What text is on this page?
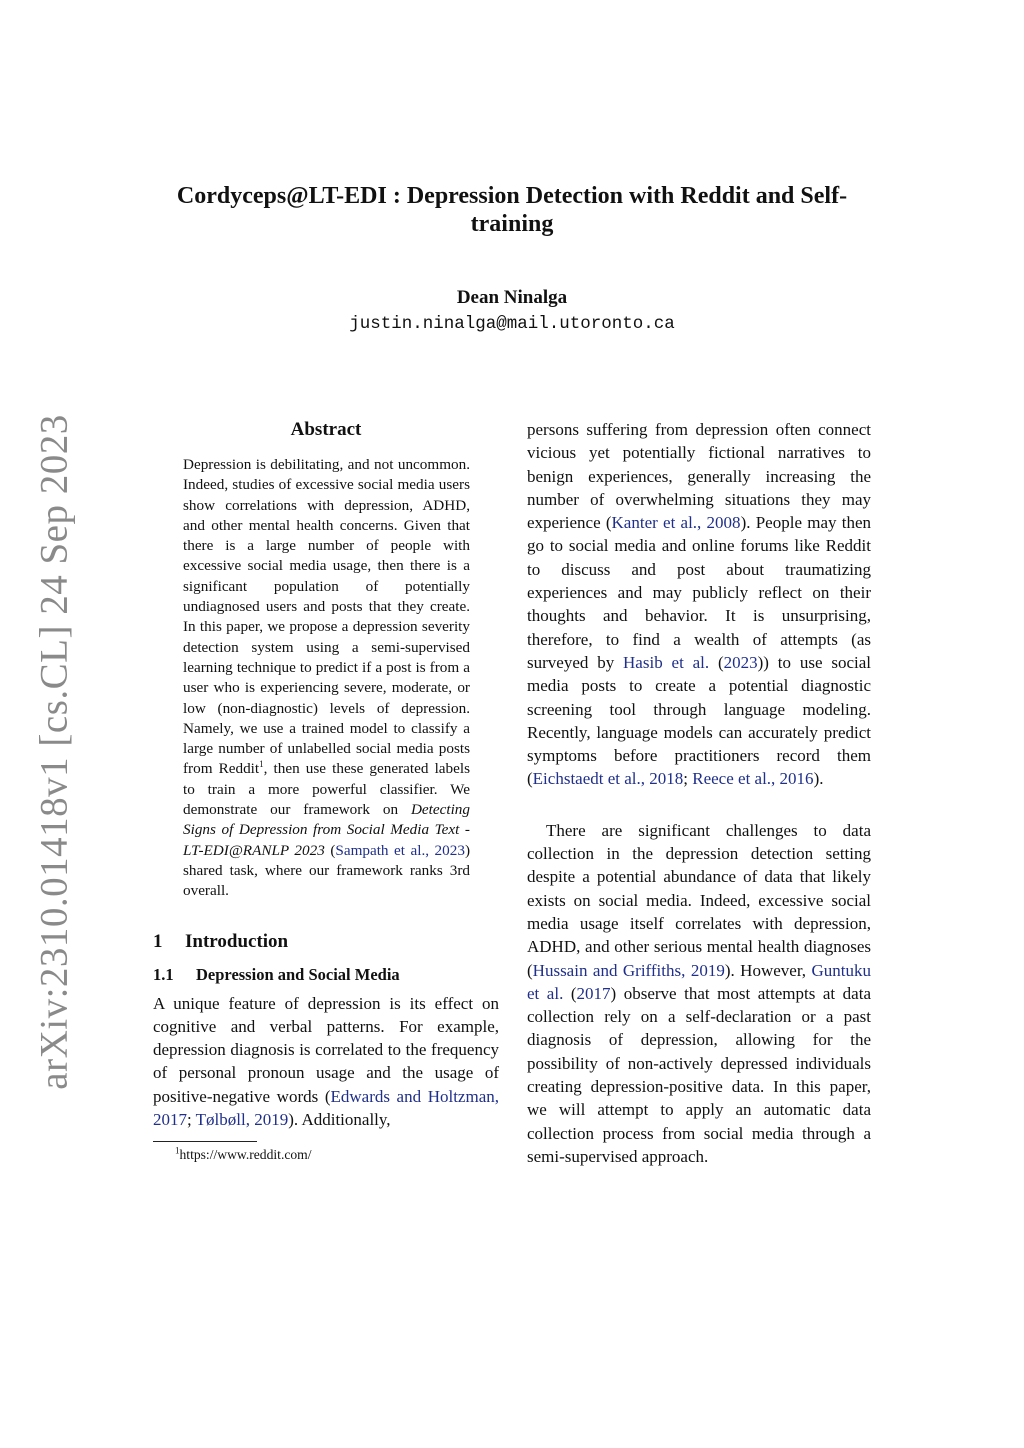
Cordyceps@LT-EDI : Depression Detection with Reddit and Self-training
Dean Ninalga
justin.ninalga@mail.utoronto.ca
arXiv:2310.01418v1 [cs.CL] 24 Sep 2023	Abstract

Depression is debilitating, and not uncommon. Indeed, studies of excessive social media users show correlations with depression, ADHD, and other mental health concerns. Given that there is a large number of people with excessive social media usage, then there is a significant population of potentially undiagnosed users and posts that they create. In this paper, we propose a depression severity detection system using a semi-supervised learning technique to predict if a post is from a user who is experiencing severe, moderate, or low (non-diagnostic) levels of depression. Namely, we use a trained model to classify a large number of unlabelled social media posts from Reddit$^1$, then use these generated labels to train a more powerful classifier. We demonstrate our framework on Detecting Signs of Depression from Social Media Text - LT-EDI@RANLP 2023 (Sampath et al., 2023) shared task, where our framework ranks 3rd overall.

1 Introduction
1.1 Depression and Social Media

A unique feature of depression is its effect on cognitive and verbal patterns. For example, depression diagnosis is correlated to the frequency of personal pronoun usage and the usage of positive-negative words (Edwards and Holtzman, 2017; Tølbøll, 2019). Additionally,

$^1$https://www.reddit.com/

persons suffering from depression often connect vicious yet potentially fictional narratives to benign experiences, generally increasing the number of overwhelming situations they may experience (Kanter et al., 2008). People may then go to social media and online forums like Reddit to discuss and post about traumatizing experiences and may publicly reflect on their thoughts and behavior. It is unsurprising, therefore, to find a wealth of attempts (as surveyed by Hasib et al. (2023)) to use social media posts to create a potential diagnostic screening tool through language modeling. Recently, language models can accurately predict symptoms before practitioners record them (Eichstaedt et al., 2018; Reece et al., 2016).

There are significant challenges to data collection in the depression detection setting despite a potential abundance of data that likely exists on social media. Indeed, excessive social media usage itself correlates with depression, ADHD, and other serious mental health diagnoses (Hussain and Griffiths, 2019). However, Guntuku et al. (2017) observe that most attempts at data collection rely on a self-declaration or a past diagnosis of depression, allowing for the possibility of non-actively depressed individuals creating depression-positive data. In this paper, we will attempt to apply an automatic data collection process from social media through a semi-supervised approach.
